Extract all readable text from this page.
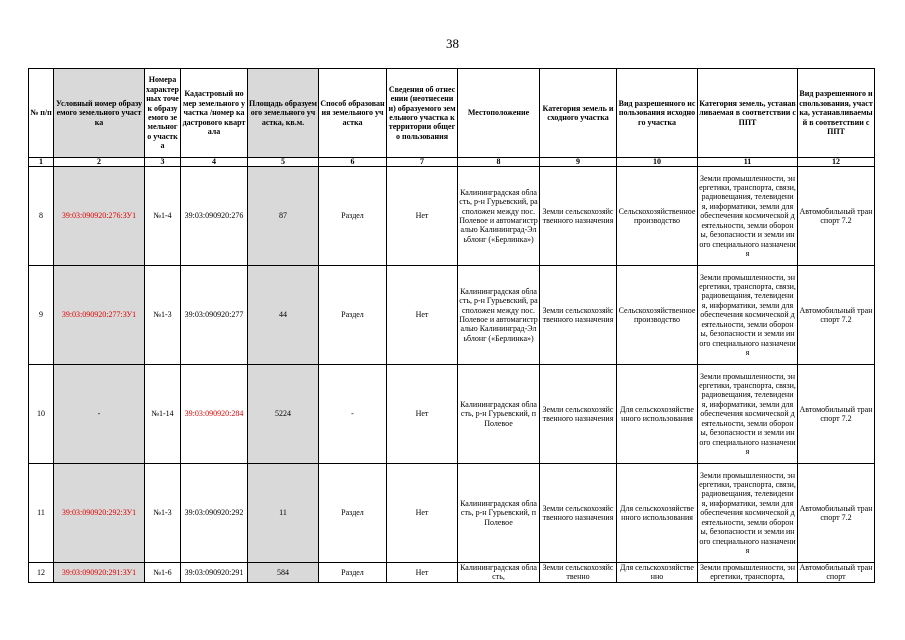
38
№ п/п	Условный номер образуемого земельного участка	Номера характерных точек образуемого земельного участка	Кадастровый номер земельного участка /номер кадастрового квартала	Площадь образуемого земельного участка, кв.м.	Способ образования земельного участка	Сведения об отнесении (неотнесении) образуемого земельного участка к территории общего пользования	Местоположение	Категория земель исходного участка	Вид разрешенного использования исходного участка	Категория земель, устанавливаемая в соответствии с ППТ	Вид разрешенного использования, участка, устанавливаемый в соответствии с ППТ
1	2	3	4	5	6	7	8	9	10	11	12
8	39:03:090920:276:ЗУ1	№1-4	39:03:090920:276	87	Раздел	Нет	Калининградская область, р-н Гурьевский, расположен между пос. Полевое и автомагистралью Калининград-Эльблонг («Берлинка»)	Земли сельскохозяйственного назначения	Сельскохозяйственное производство	Земли промышленности, энергетики, транспорта, связи, радиовещания, телевидения, информатики, земли для обеспечения космической деятельности, земли обороны, безопасности и земли иного специального назначения	Автомобильный транспорт 7.2
9	39:03:090920:277:ЗУ1	№1-3	39:03:090920:277	44	Раздел	Нет	Калининградская область, р-н Гурьевский, расположен между пос. Полевое и автомагистралью Калининград-Эльблонг («Берлинка»)	Земли сельскохозяйственного назначения	Сельскохозяйственное производство	Земли промышленности, энергетики, транспорта, связи, радиовещания, телевидения, информатики, земли для обеспечения космической деятельности, земли обороны, безопасности и земли иного специального назначения	Автомобильный транспорт 7.2
10	-	№1-14	39:03:090920:284	5224	-	Нет	Калининградская область, р-н Гурьевский, п Полевое	Земли сельскохозяйственного назначения	Для сельскохозяйственного использования	Земли промышленности, энергетики, транспорта, связи, радиовещания, телевидения, информатики, земли для обеспечения космической деятельности, земли обороны, безопасности и земли иного специального назначения	Автомобильный транспорт 7.2
11	39:03:090920:292:ЗУ1	№1-3	39:03:090920:292	11	Раздел	Нет	Калининградская область, р-н Гурьевский, п Полевое	Земли сельскохозяйственного назначения	Для сельскохозяйственного использования	Земли промышленности, энергетики, транспорта, связи, радиовещания, телевидения, информатики, земли для обеспечения космической деятельности, земли обороны, безопасности и земли иного специального назначения	Автомобильный транспорт 7.2
12	39:03:090920:291:ЗУ1	№1-6	39:03:090920:291	584	Раздел	Нет	Калининградская область,	Земли сельскохозяйственно	Для сельскохозяйственно	Земли промышленности, энергетики, транспорта,	Автомобильный транспорт
